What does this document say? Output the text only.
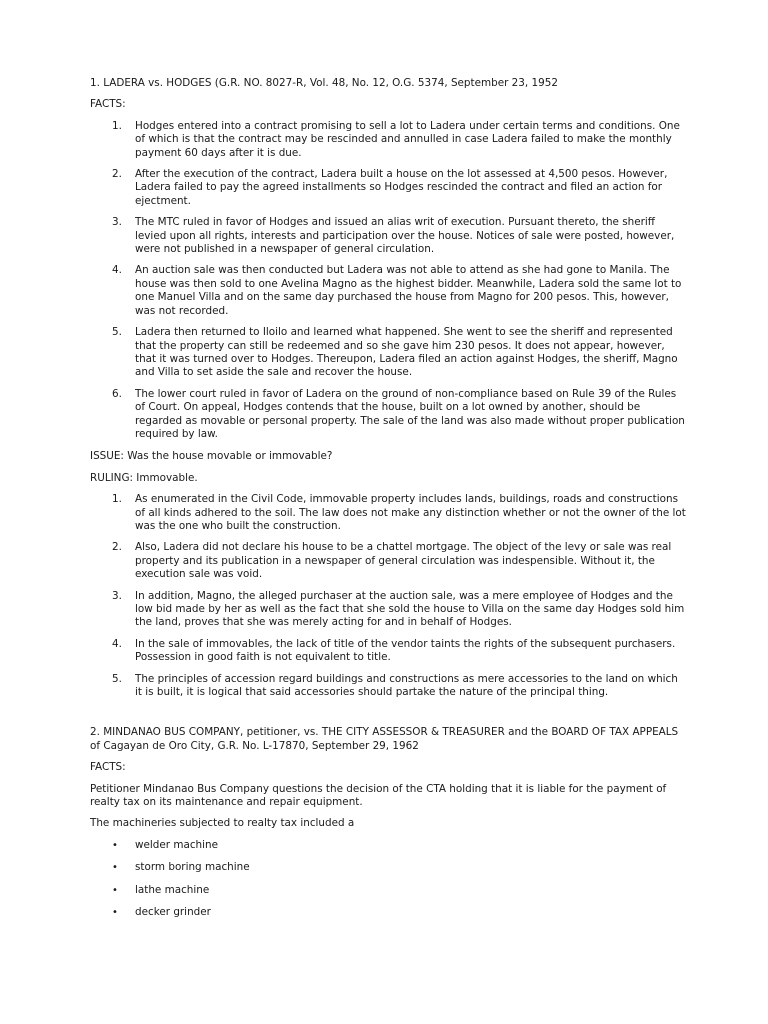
1. LADERA vs. HODGES (G.R. NO. 8027-R, Vol. 48, No. 12, O.G. 5374, September 23, 1952

FACTS:

1. Hodges entered into a contract promising to sell a lot to Ladera under certain terms and conditions. One of which is that the contract may be rescinded and annulled in case Ladera failed to make the monthly payment 60 days after it is due.
2. After the execution of the contract, Ladera built a house on the lot assessed at 4,500 pesos. However, Ladera failed to pay the agreed installments so Hodges rescinded the contract and filed an action for ejectment.
3. The MTC ruled in favor of Hodges and issued an alias writ of execution. Pursuant thereto, the sheriff levied upon all rights, interests and participation over the house. Notices of sale were posted, however, were not published in a newspaper of general circulation.
4. An auction sale was then conducted but Ladera was not able to attend as she had gone to Manila. The house was then sold to one Avelina Magno as the highest bidder. Meanwhile, Ladera sold the same lot to one Manuel Villa and on the same day purchased the house from Magno for 200 pesos. This, however, was not recorded.
5. Ladera then returned to Iloilo and learned what happened. She went to see the sheriff and represented that the property can still be redeemed and so she gave him 230 pesos. It does not appear, however, that it was turned over to Hodges. Thereupon, Ladera filed an action against Hodges, the sheriff, Magno and Villa to set aside the sale and recover the house.
6. The lower court ruled in favor of Ladera on the ground of non-compliance based on Rule 39 of the Rules of Court. On appeal, Hodges contends that the house, built on a lot owned by another, should be regarded as movable or personal property. The sale of the land was also made without proper publication required by law.

ISSUE: Was the house movable or immovable?

RULING: Immovable.

1. As enumerated in the Civil Code, immovable property includes lands, buildings, roads and constructions of all kinds adhered to the soil. The law does not make any distinction whether or not the owner of the lot was the one who built the construction.
2. Also, Ladera did not declare his house to be a chattel mortgage. The object of the levy or sale was real property and its publication in a newspaper of general circulation was indespensible. Without it, the execution sale was void.
3. In addition, Magno, the alleged purchaser at the auction sale, was a mere employee of Hodges and the low bid made by her as well as the fact that she sold the house to Villa on the same day Hodges sold him the land, proves that she was merely acting for and in behalf of Hodges.
4. In the sale of immovables, the lack of title of the vendor taints the rights of the subsequent purchasers. Possession in good faith is not equivalent to title.
5. The principles of accession regard buildings and constructions as mere accessories to the land on which it is built, it is logical that said accessories should partake the nature of the principal thing.

2. MINDANAO BUS COMPANY, petitioner, vs. THE CITY ASSESSOR & TREASURER and the BOARD OF TAX APPEALS of Cagayan de Oro City, G.R. No. L-17870, September 29, 1962

FACTS:

Petitioner Mindanao Bus Company questions the decision of the CTA holding that it is liable for the payment of realty tax on its maintenance and repair equipment.

The machineries subjected to realty tax included a

• welder machine
• storm boring machine
• lathe machine
• decker grinder
